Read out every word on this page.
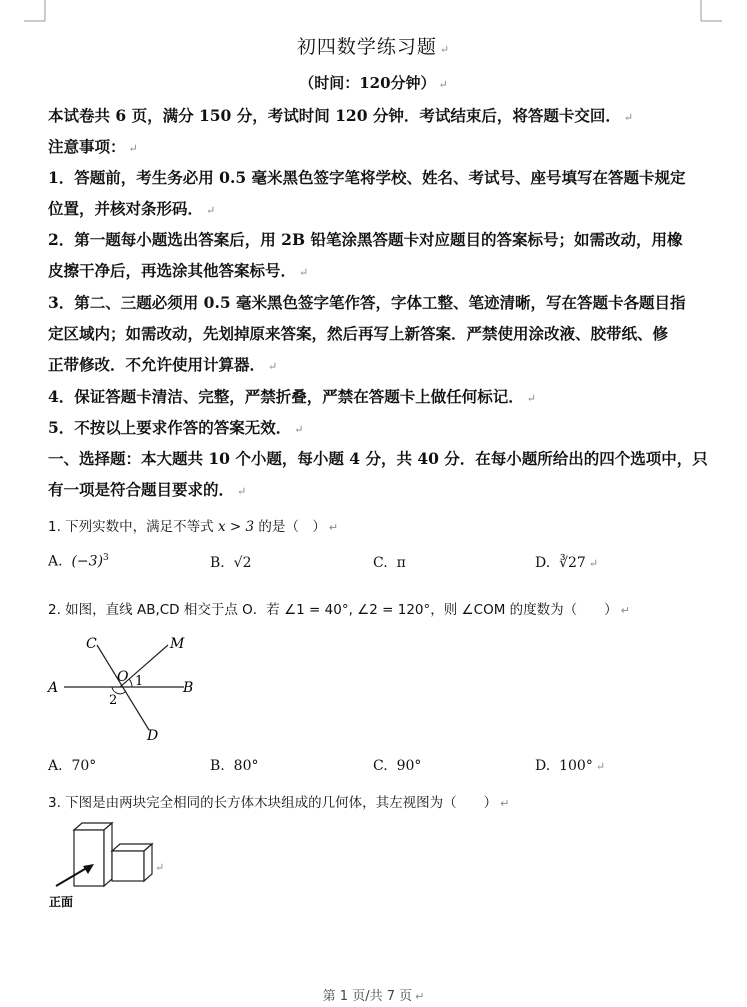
初四数学练习题 ↵
（时间：120分钟） ↵
本试卷共 6 页，满分 150 分，考试时间 120 分钟．考试结束后，将答题卡交回． ↵
注意事项： ↵
1．答题前，考生务必用 0.5 毫米黑色签字笔将学校、姓名、考试号、座号填写在答题卡规定
位置，并核对条形码． ↵
2．第一题每小题选出答案后，用 2B 铅笔涂黑答题卡对应题目的答案标号；如需改动，用橡
皮擦干净后，再选涂其他答案标号． ↵
3．第二、三题必须用 0.5 毫米黑色签字笔作答，字体工整、笔迹清晰，写在答题卡各题目指
定区域内；如需改动，先划掉原来答案，然后再写上新答案．严禁使用涂改液、胶带纸、修
正带修改．不允许使用计算器． ↵
4．保证答题卡清洁、完整，严禁折叠，严禁在答题卡上做任何标记． ↵
5．不按以上要求作答的答案无效． ↵
一、选择题：本大题共 10 个小题，每小题 4 分，共 40 分．在每小题所给出的四个选项中，只
有一项是符合题目要求的． ↵
1. 下列实数中，满足不等式 x > 3 的是（　） ↵
A. $(-3)^3$	B. √2	C. π	D. ∛27 ↵
2. 如图，直线 AB,CD 相交于点 O．若 ∠1 = 40°, ∠2 = 120°，则 ∠COM 的度数为（　　） ↵
C	M
O 1
A	B
2
D
A. 70°	B. 80°	C. 90°	D. 100° ↵
3. 下图是由两块完全相同的长方体木块组成的几何体，其左视图为（　　） ↵
正面
↵
第 1 页/共 7 页 ↵
